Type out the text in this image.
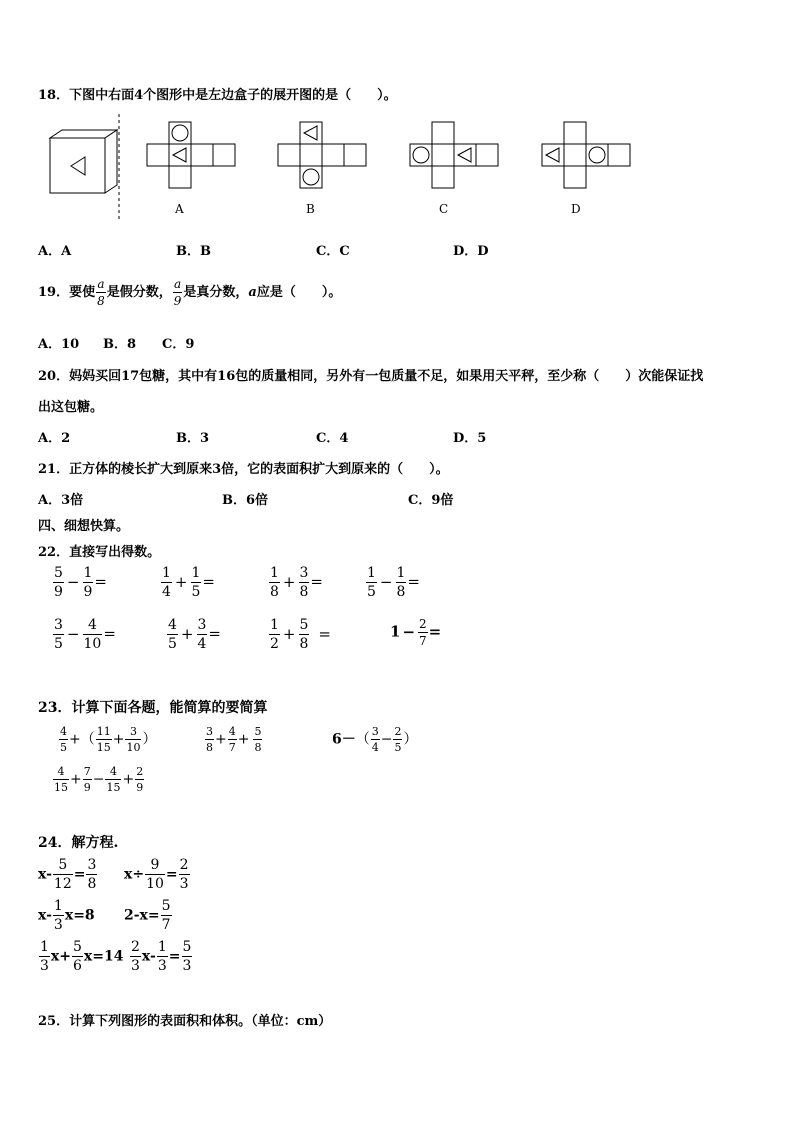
18．下图中右面4个图形中是左边盒子的展开图的是（　　）。
A	B	C	D
A．A	B．B	C．C	D．D
19．要使 $\frac{a}{8}$ 是假分数， $\frac{a}{9}$ 是真分数，a应是（　　）。
A．10 B．8 C．9
20．妈妈买回17包糖，其中有16包的质量相同，另外有一包质量不足，如果用天平秤，至少称（　　）次能保证找
出这包糖。
A．2	B．3	C．4	D．5
21．正方体的棱长扩大到原来3倍，它的表面积扩大到原来的（　　）。
A．3倍	B．6倍	C．9倍
四、细想快算。
22．直接写出得数。
$\frac{5}{9} - \frac{1}{9}$ =	$\frac{1}{4} + \frac{1}{5}$ =	$\frac{1}{8} + \frac{3}{8}$ =	$\frac{1}{5} - \frac{1}{8}$ =
$\frac{3}{5} - \frac{4}{10}$ =	$\frac{4}{5} + \frac{3}{4}$ =	$\frac{1}{2} + \frac{5}{8}$ =	$1 - \frac{2}{7}$ =
23．计算下面各题，能简算的要简算
$\frac{4}{5}$ +（ $\frac{11}{15} + \frac{3}{10}$ ）	$\frac{3}{8} + \frac{4}{7} + \frac{5}{8}$	$6-( \frac{3}{4} - \frac{2}{5}$ ）
$\frac{4}{15} + \frac{7}{9} - \frac{4}{15} + \frac{2}{9}$
24．解方程.
$x- \frac{5}{12} = \frac{3}{8} x\div \frac{9}{10} = \frac{2}{3}$
$x- \frac{1}{3} x=8$ $2-x= \frac{5}{7}$
$\frac{1}{3} x+ \frac{5}{6} x=14 \frac{2}{3} x- \frac{1}{3} = \frac{5}{3}$
25．计算下列图形的表面积和体积。（单位：cm）
